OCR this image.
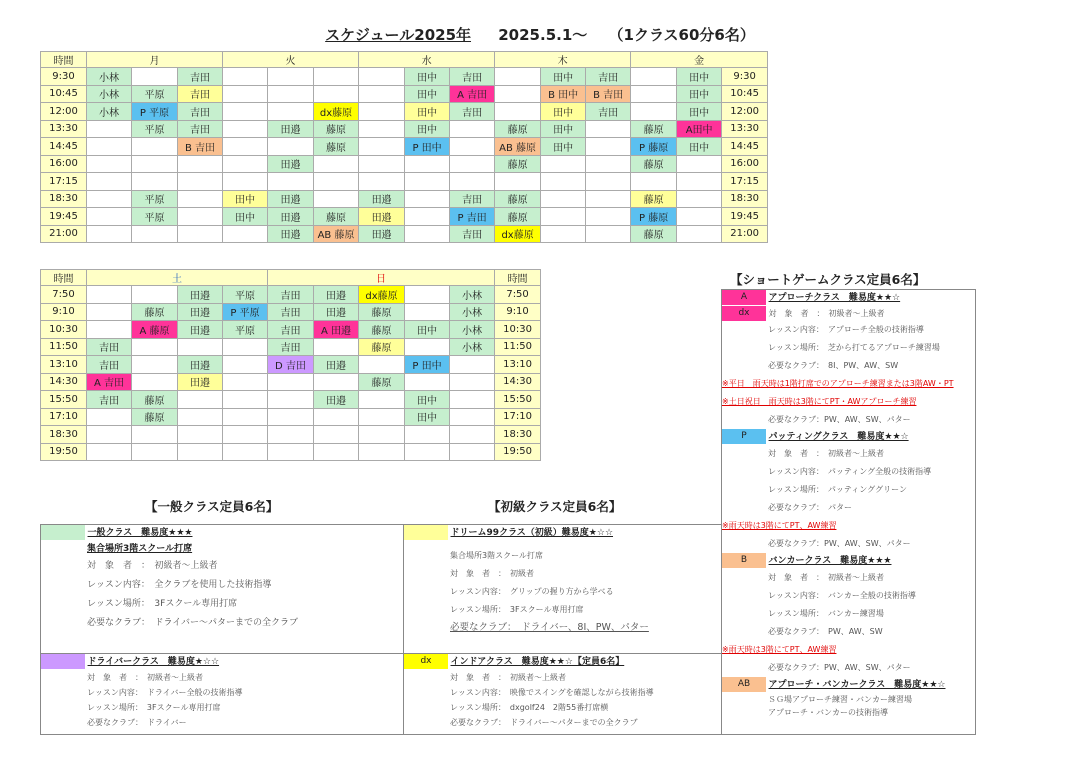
スケジュール2025年 2025.5.1～ （1クラス60分6名）
時間	月			火			水			木			金	
9:30	小林		吉田					田中	吉田		田中	吉田		田中	9:30	
10:45	小林	平原	吉田					田中	A 吉田		B 田中	B 吉田		田中	10:45	
12:00	小林	P 平原	吉田			dx藤原		田中	吉田		田中	吉田		田中	12:00	
13:30		平原	吉田		田邉	藤原		田中		藤原	田中		藤原	A田中	13:30	
14:45			B 吉田			藤原		P 田中		AB 藤原	田中		P 藤原	田中	14:45	
16:00					田邉					藤原			藤原		16:00	
17:15															17:15	
18:30		平原		田中	田邉		田邉		吉田	藤原			藤原		18:30	
19:45		平原		田中	田邉	藤原	田邉		P 吉田	藤原			P 藤原		19:45	
21:00					田邉	AB 藤原	田邉		吉田	dx藤原			藤原		21:00	
時間	土				日					時間
7:50			田邉	平原	吉田	田邉	dx藤原		小林	7:50
9:10		藤原	田邉	P 平原	吉田	田邉	藤原		小林	9:10
10:30		A 藤原	田邉	平原	吉田	A 田邉	藤原	田中	小林	10:30
11:50	吉田				吉田		藤原		小林	11:50
13:10	吉田		田邉		D 吉田	田邉		P 田中		13:10
14:30	A 吉田		田邉				藤原			14:30
15:50	吉田	藤原				田邉		田中		15:50
17:10		藤原						田中		17:10
18:30										18:30
19:50										19:50
【ショートゲームクラス定員6名】
【一般クラス定員6名】	【初級クラス定員6名】
一般クラス　難易度★★★
集合場所3階スクール打席
対　象　者　：　初級者～上級者
レッスン内容：　全クラブを使用した技術指導
レッスン場所：　3Fスクール専用打席
必要なクラブ：　ドライバー～パターまでの全クラブ
ドライバークラス　難易度★☆☆
対　象　者　：　初級者～上級者
レッスン内容：　ドライバー全般の技術指導
レッスン場所：　3Fスクール専用打席
必要なクラブ：　ドライバー
ドリーム99クラス（初級）難易度★☆☆
集合場所3階スクール打席
対　象　者　：　初級者
レッスン内容：　グリップの握り方から学べる
レッスン場所：　3Fスクール専用打席
必要なクラブ：　ドライバー、8I、PW、パター
dx インドアクラス　難易度★★☆【定員6名】
対　象　者　：　初級者～上級者
レッスン内容：　映像でスイングを確認しながら技術指導
レッスン場所：　dxgolf24　2階55番打席横
必要なクラブ：　ドライバー～パターまでの全クラブ
A アプローチクラス　難易度★★☆
dx 対　象　者　：　初級者～上級者
レッスン内容：　アプローチ全般の技術指導
レッスン場所：　芝から打てるアプローチ練習場
必要なクラブ：　8I、PW、AW、SW
※平日　雨天時は1階打席でのアプローチ練習または3階AW・PT
※土日祝日　雨天時は3階にてPT・AWアプローチ練習
必要なクラブ：PW、AW、SW、パター
P パッティングクラス　難易度★★☆
対　象　者　：　初級者～上級者
レッスン内容：　パッティング全般の技術指導
レッスン場所：　パッティンググリーン
必要なクラブ：　パター
※雨天時は3階にてPT、AW練習
必要なクラブ：PW、AW、SW、パター
B バンカークラス　難易度★★★
対　象　者　：　初級者～上級者
レッスン内容：　バンカー全般の技術指導
レッスン場所：　バンカー練習場
必要なクラブ：　PW、AW、SW
※雨天時は3階にてPT、AW練習
必要なクラブ：PW、AW、SW、パター
AB アプローチ・バンカークラス　難易度★★☆
ＳＧ場アプローチ練習・バンカー練習場
アプローチ・バンカーの技術指導
